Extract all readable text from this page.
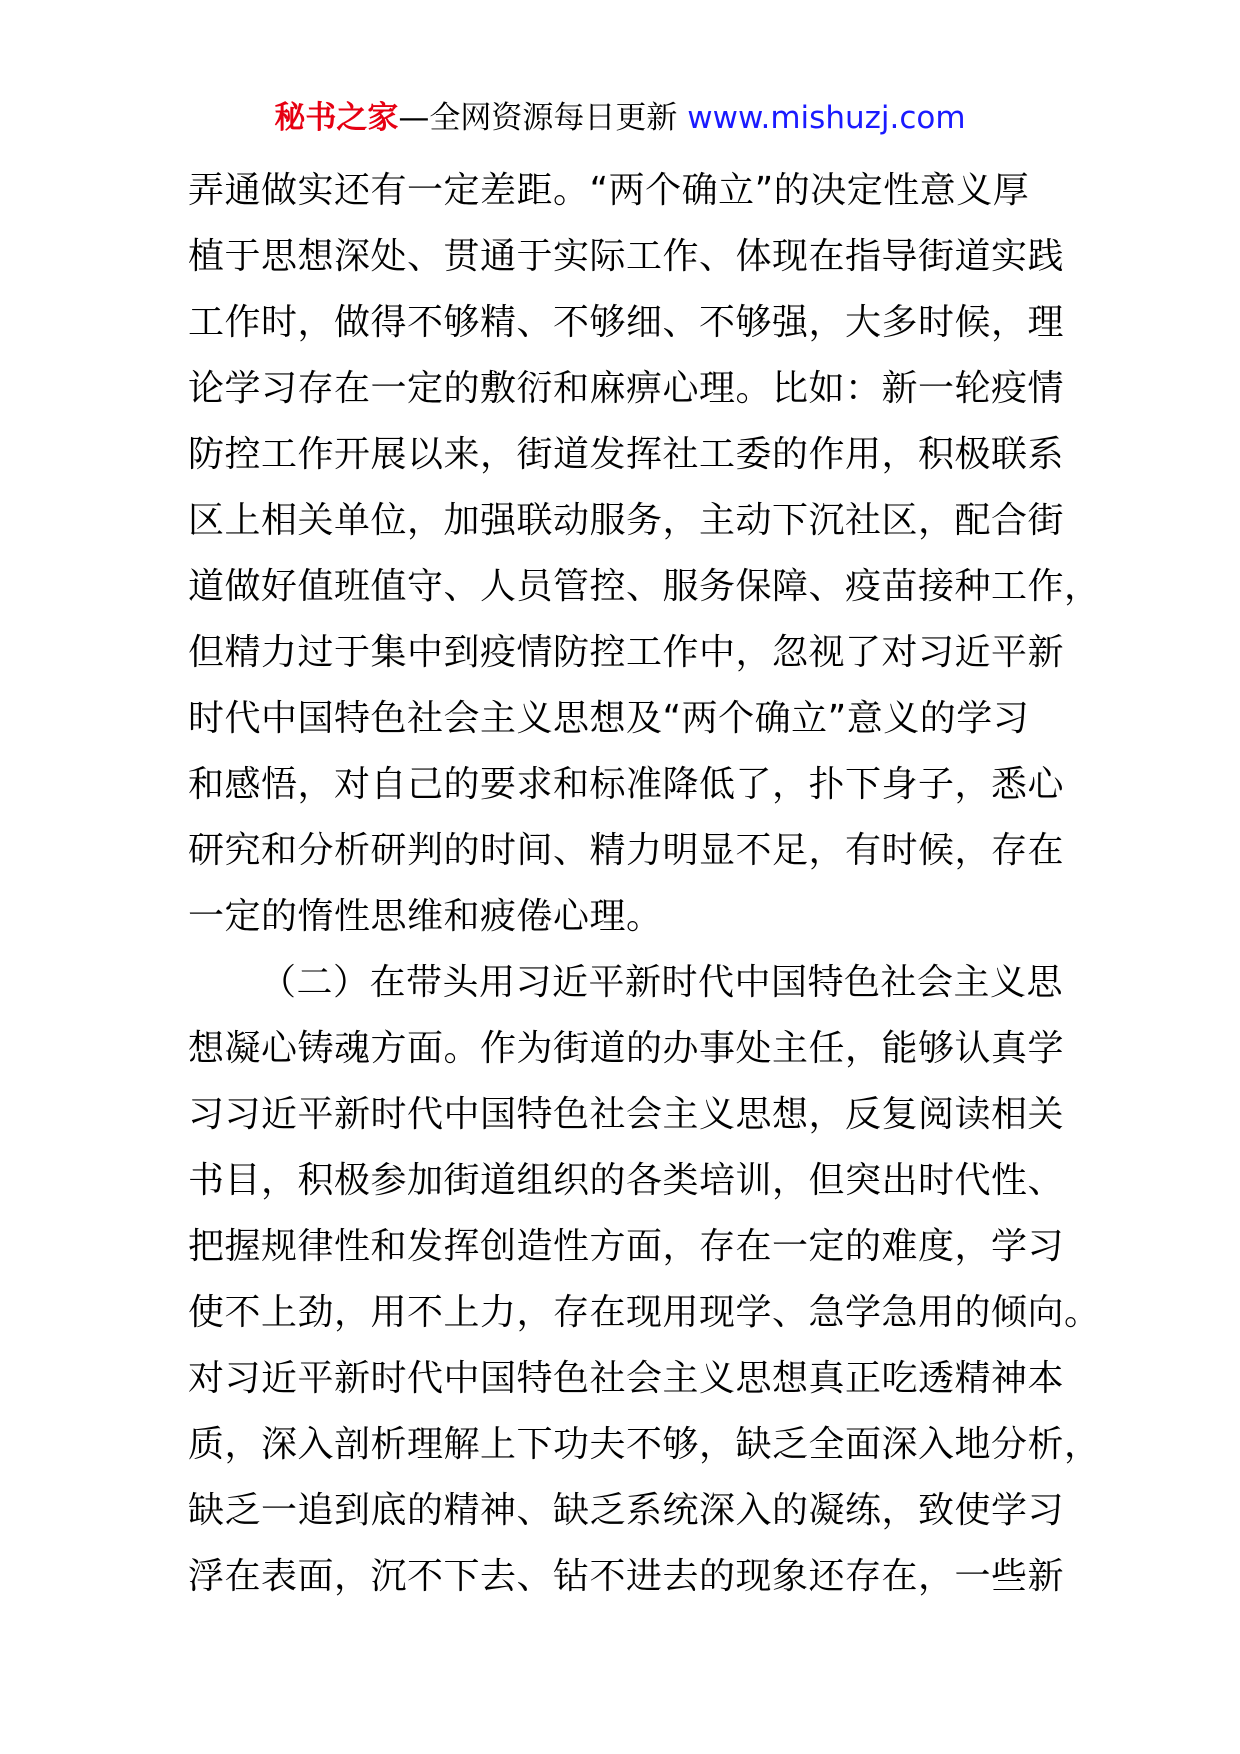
秘书之家—全网资源每日更新 www.mishuzj.com
弄通做实还有一定差距。“两个确立”的决定性意义厚
植于思想深处、贯通于实际工作、体现在指导街道实践
工作时，做得不够精、不够细、不够强，大多时候，理
论学习存在一定的敷衍和麻痹心理。比如：新一轮疫情
防控工作开展以来，街道发挥社工委的作用，积极联系
区上相关单位，加强联动服务，主动下沉社区，配合街
道做好值班值守、人员管控、服务保障、疫苗接种工作，
但精力过于集中到疫情防控工作中，忽视了对习近平新
时代中国特色社会主义思想及“两个确立”意义的学习
和感悟，对自己的要求和标准降低了，扑下身子，悉心
研究和分析研判的时间、精力明显不足，有时候，存在
一定的惰性思维和疲倦心理。
（二）在带头用习近平新时代中国特色社会主义思
想凝心铸魂方面。作为街道的办事处主任，能够认真学
习习近平新时代中国特色社会主义思想，反复阅读相关
书目，积极参加街道组织的各类培训，但突出时代性、
把握规律性和发挥创造性方面，存在一定的难度，学习
使不上劲，用不上力，存在现用现学、急学急用的倾向。
对习近平新时代中国特色社会主义思想真正吃透精神本
质，深入剖析理解上下功夫不够，缺乏全面深入地分析，
缺乏一追到底的精神、缺乏系统深入的凝练，致使学习
浮在表面，沉不下去、钻不进去的现象还存在，一些新
